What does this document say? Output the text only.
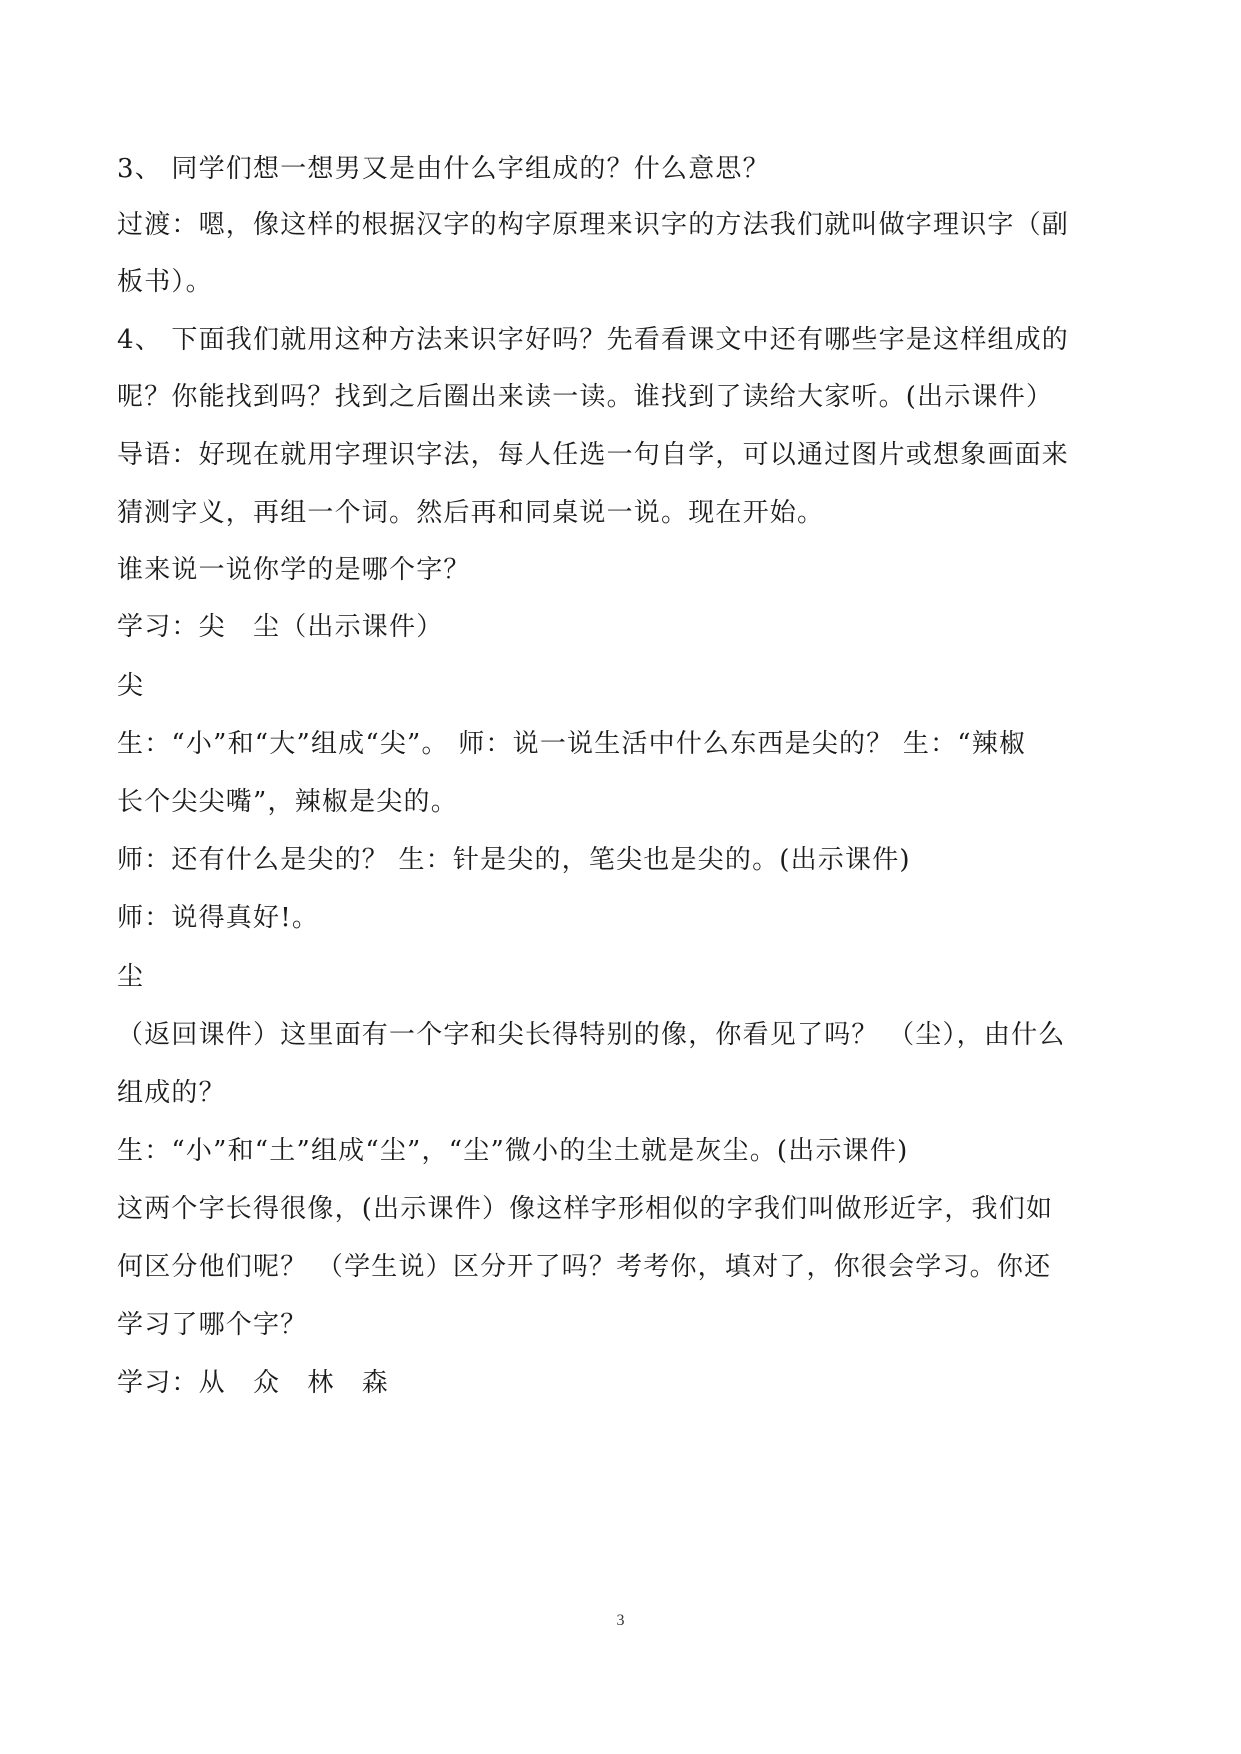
3、 同学们想一想男又是由什么字组成的？什么意思？
过渡：嗯，像这样的根据汉字的构字原理来识字的方法我们就叫做字理识字（副
板书）。
4、 下面我们就用这种方法来识字好吗？先看看课文中还有哪些字是这样组成的
呢？你能找到吗？找到之后圈出来读一读。谁找到了读给大家听。(出示课件）
导语：好现在就用字理识字法，每人任选一句自学，可以通过图片或想象画面来
猜测字义，再组一个词。然后再和同桌说一说。现在开始。
谁来说一说你学的是哪个字？
学习：尖　尘（出示课件）
尖
生：“小”和“大”组成“尖”。 师：说一说生活中什么东西是尖的？ 生：“辣椒
长个尖尖嘴”，辣椒是尖的。
师：还有什么是尖的？ 生：针是尖的，笔尖也是尖的。(出示课件)
师：说得真好!。
尘
（返回课件）这里面有一个字和尖长得特别的像，你看见了吗？ （尘），由什么
组成的？
生：“小”和“土”组成“尘”，“尘”微小的尘土就是灰尘。(出示课件)
这两个字长得很像，(出示课件）像这样字形相似的字我们叫做形近字，我们如
何区分他们呢？ （学生说）区分开了吗？考考你，填对了，你很会学习。你还
学习了哪个字？
学习：从　众　林　森
3
